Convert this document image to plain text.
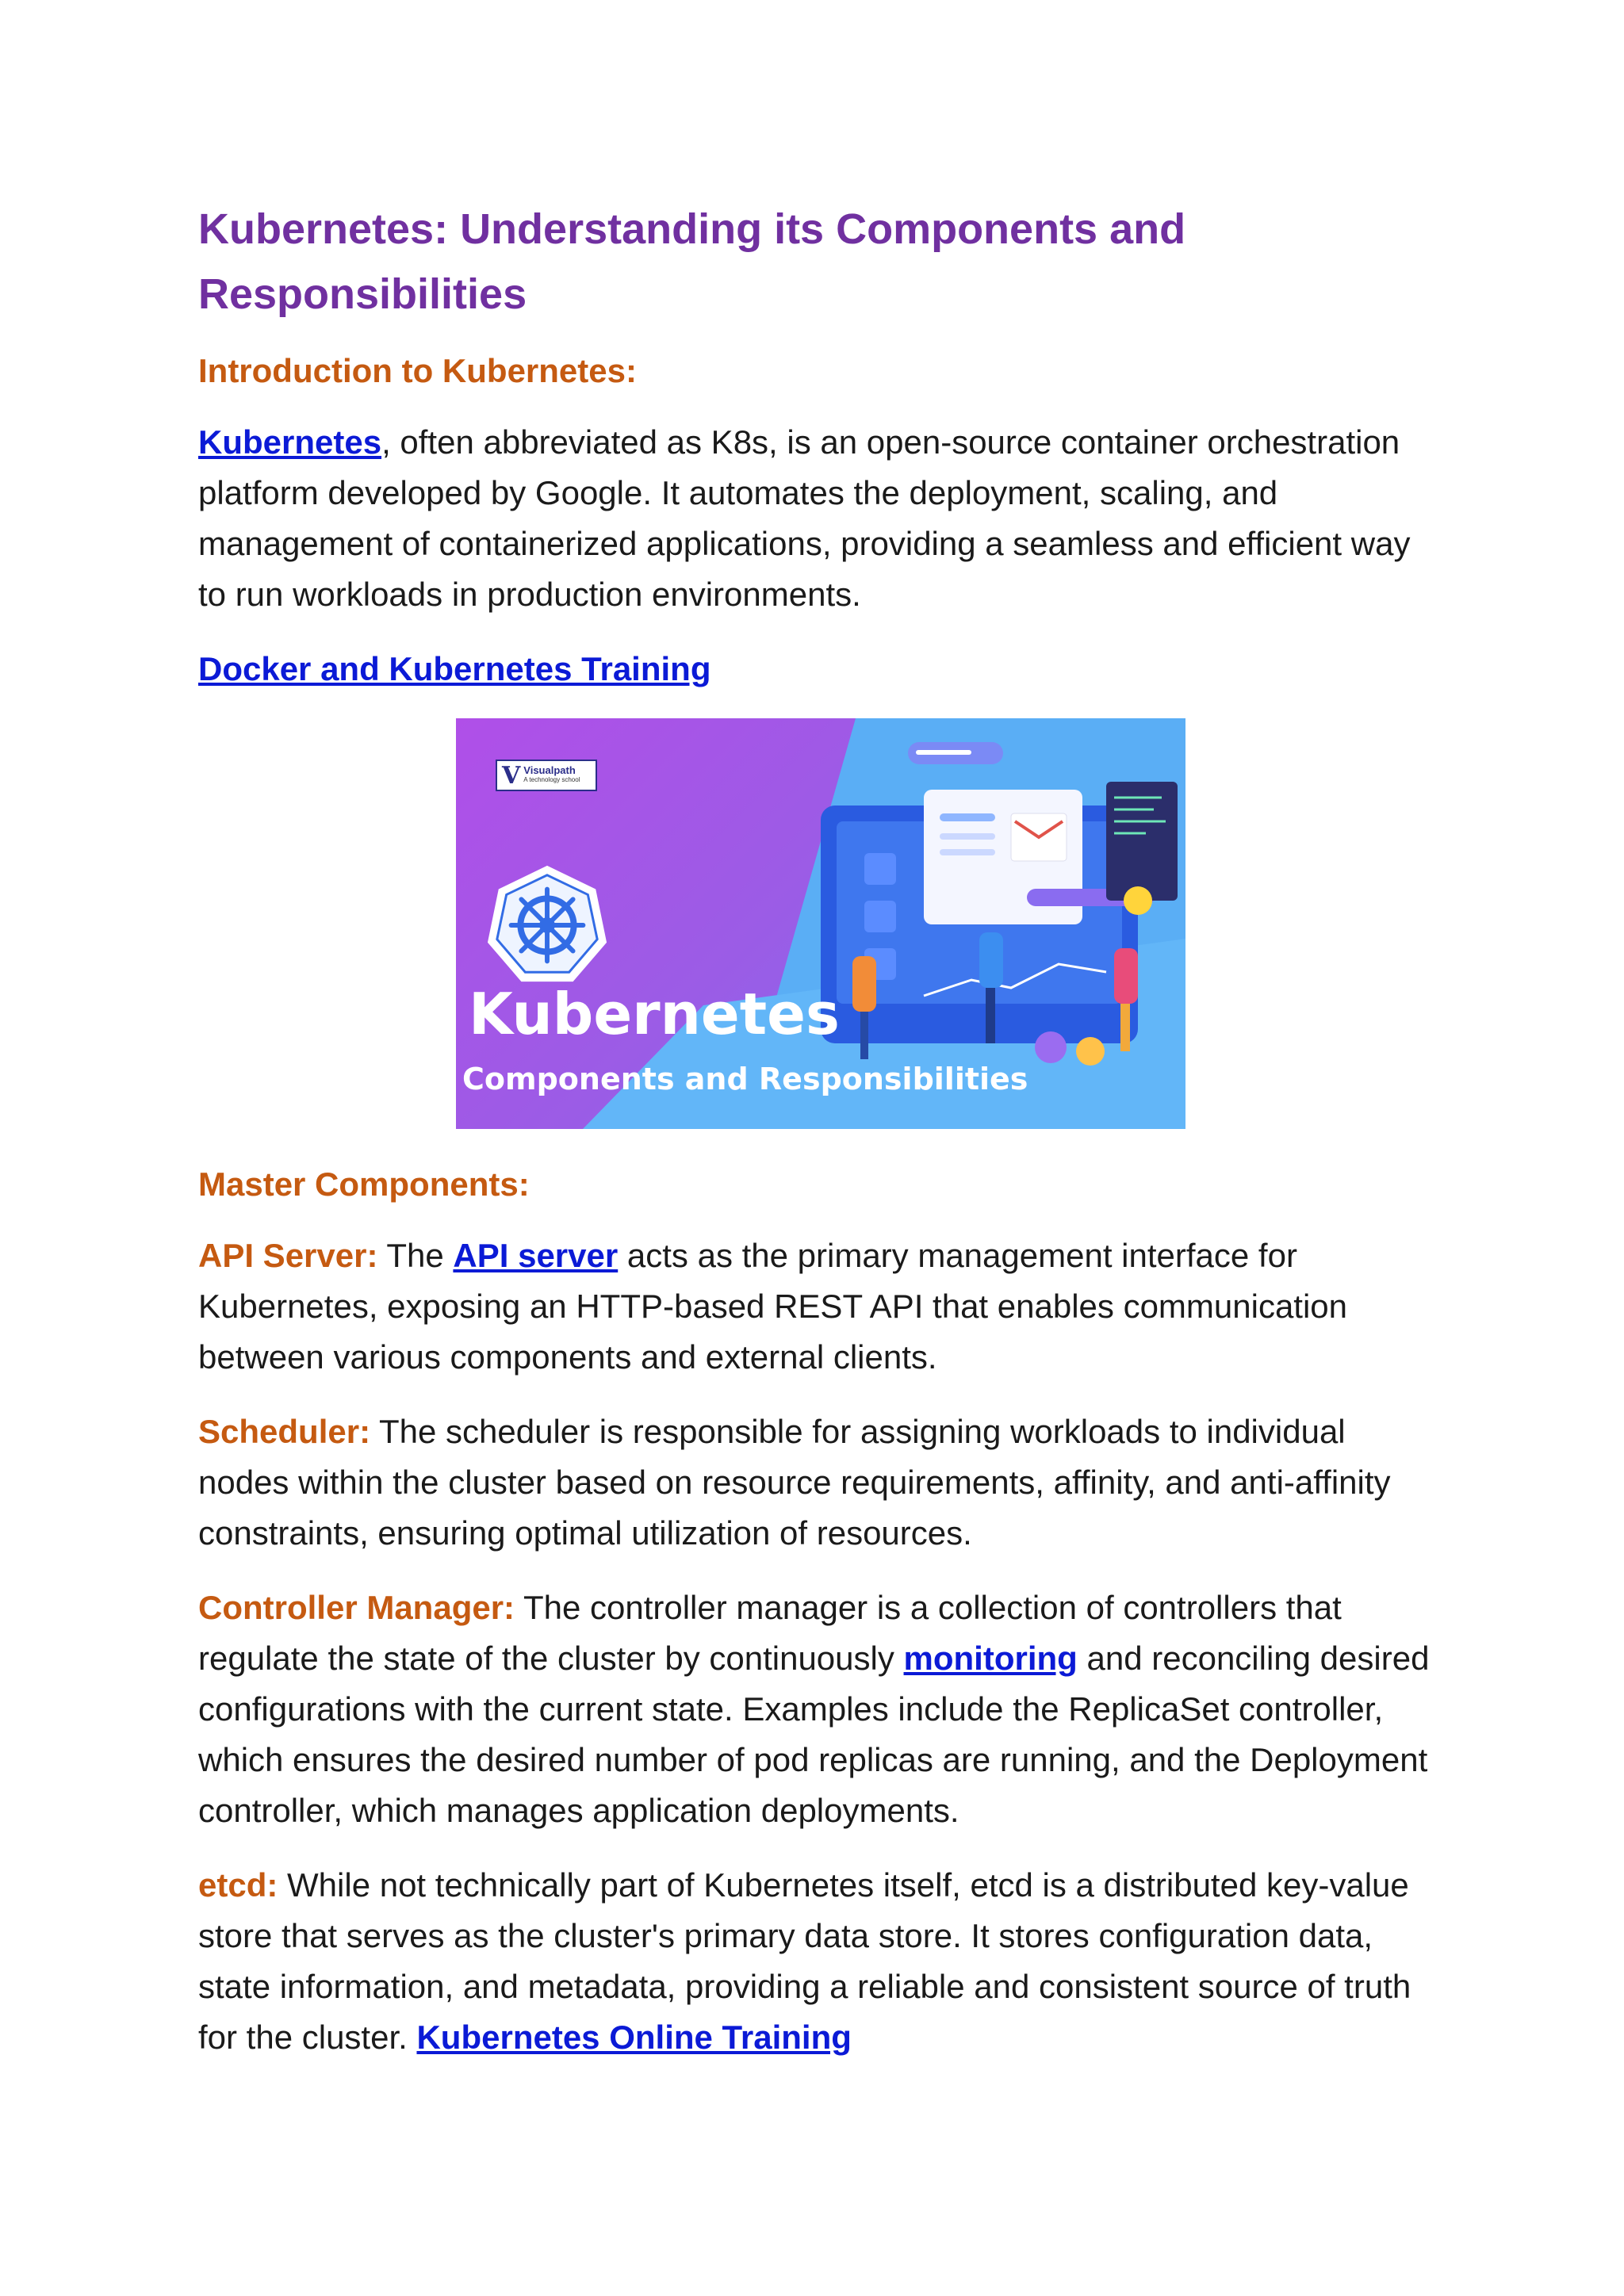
Kubernetes: Understanding its Components and Responsibilities
Introduction to Kubernetes:

Kubernetes, often abbreviated as K8s, is an open-source container orchestration platform developed by Google. It automates the deployment, scaling, and management of containerized applications, providing a seamless and efficient way to run workloads in production environments.

Docker and Kubernetes Training
V Visualpath
A technology school
Kubernetes
Components and Responsibilities
Master Components:

API Server: The API server acts as the primary management interface for Kubernetes, exposing an HTTP-based REST API that enables communication between various components and external clients.

Scheduler: The scheduler is responsible for assigning workloads to individual nodes within the cluster based on resource requirements, affinity, and anti-affinity constraints, ensuring optimal utilization of resources.

Controller Manager: The controller manager is a collection of controllers that regulate the state of the cluster by continuously monitoring and reconciling desired configurations with the current state. Examples include the ReplicaSet controller, which ensures the desired number of pod replicas are running, and the Deployment controller, which manages application deployments.

etcd: While not technically part of Kubernetes itself, etcd is a distributed key-value store that serves as the cluster's primary data store. It stores configuration data, state information, and metadata, providing a reliable and consistent source of truth for the cluster. Kubernetes Online Training
